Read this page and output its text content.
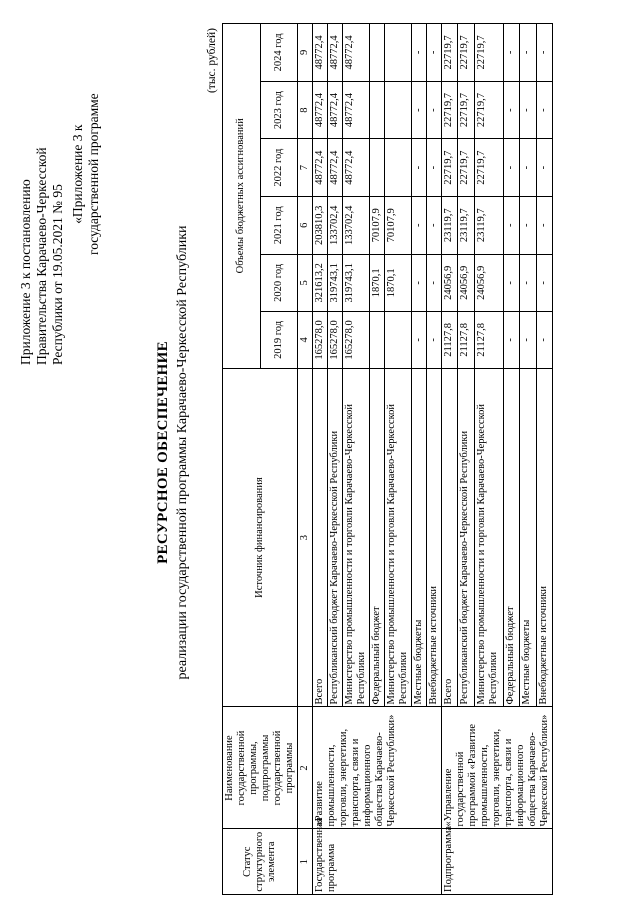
Приложение 3 к постановлению Правительства Карачаево-Черкесской Республики от 19.05.2021 № 95
«Приложение 3 к государственной программе
РЕСУРСНОЕ ОБЕСПЕЧЕНИЕ реализации государственной программы Карачаево-Черкесской Республики
(тыс. рублей)
Статус структурного элемента	Наименование государственной программы, подпрограммы государственной программы	Источник финансирования	Объемы бюджетных ассигнований					
			2019 год	2020 год	2021 год	2022 год	2023 год	2024 год
1	2	3	4	5	6	7	8	9
Государственная программа	«Развитие промышленности, торговли, энергетики, транспорта, связи и информационного общества Карачаево-Черкесской Республики»	Всего	165278,0	321613,2	203810,3	48772,4	48772,4	48772,4
		Республиканский бюджет Карачаево-Черкесской Республики	165278,0	319743,1	133702,4	48772,4	48772,4	48772,4
		Министерство промышленности и торговли Карачаево-Черкесской Республики	165278,0	319743,1	133702,4	48772,4	48772,4	48772,4
		Федеральный бюджет		1870,1	70107,9			
		Министерство промышленности и торговли Карачаево-Черкесской Республики		1870,1	70107,9			
		Местные бюджеты	-	-	-	-	-	-
		Внебюджетные источники	-	-	-	-	-	-
Подпрограмма	«Управление государственной программой «Развитие промышленности, торговли, энергетики, транспорта, связи и информационного общества Карачаево-Черкесской Республики»	Всего	21127,8	24056,9	23119,7	22719,7	22719,7	22719,7
		Республиканский бюджет Карачаево-Черкесской Республики	21127,8	24056,9	23119,7	22719,7	22719,7	22719,7
		Министерство промышленности и торговли Карачаево-Черкесской Республики	21127,8	24056,9	23119,7	22719,7	22719,7	22719,7
		Федеральный бюджет	-	-	-	-	-	-
		Местные бюджеты	-	-	-	-	-	-
		Внебюджетные источники	-	-	-	-	-	-
